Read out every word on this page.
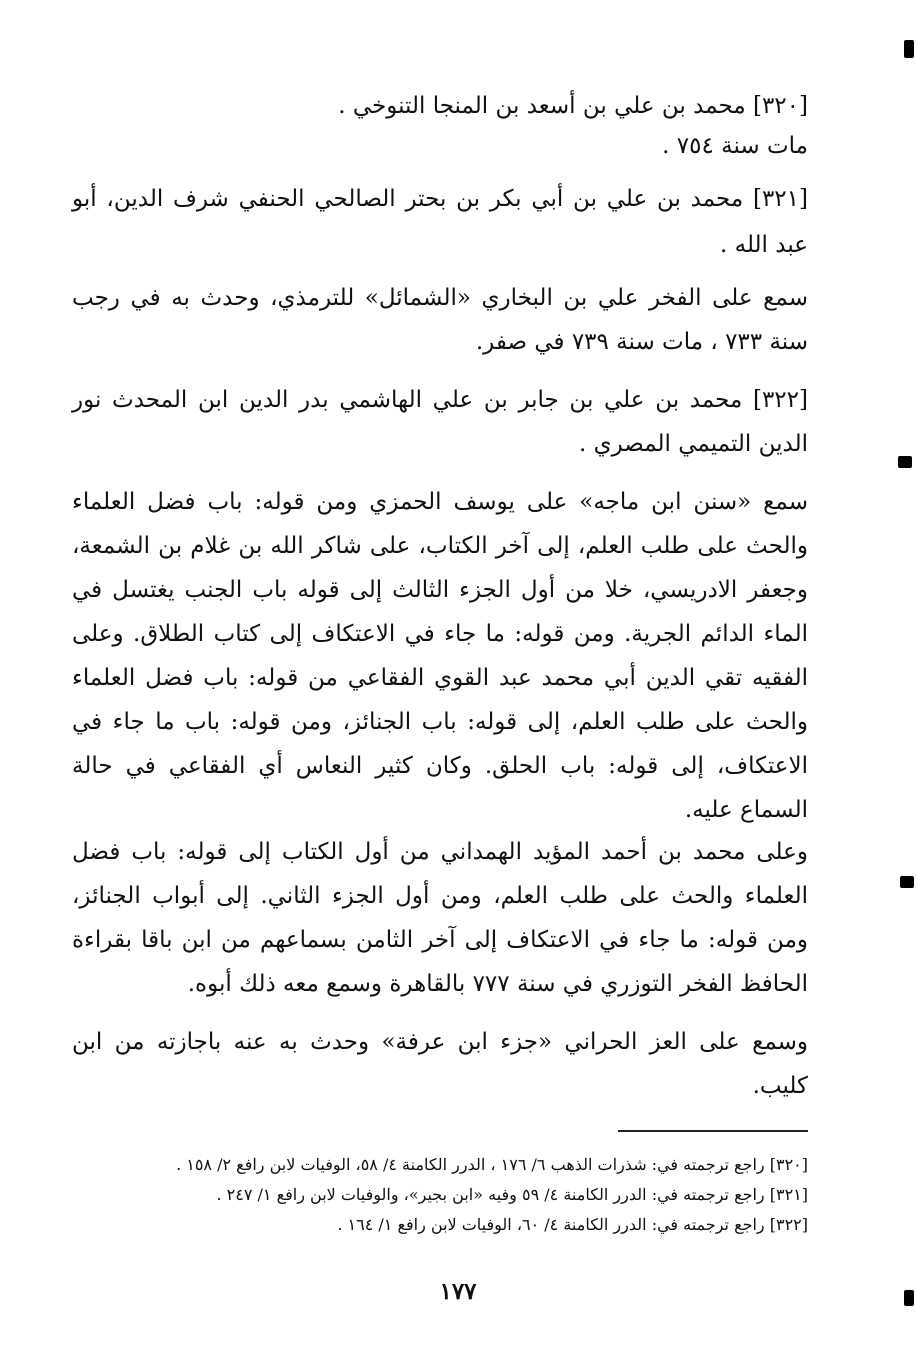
[٣٢٠] محمد بن علي بن أسعد بن المنجا التنوخي .

مات سنة ٧٥٤ .

[٣٢١] محمد بن علي بن أبي بكر بن بحتر الصالحي الحنفي شرف الدين، أبو عبد الله .

سمع على الفخر علي بن البخاري «الشمائل» للترمذي، وحدث به في رجب سنة ٧٣٣ ، مات سنة ٧٣٩ في صفر.

[٣٢٢] محمد بن علي بن جابر بن علي الهاشمي بدر الدين ابن المحدث نور الدين التميمي المصري .

سمع «سنن ابن ماجه» على يوسف الحمزي ومن قوله: باب فضل العلماء والحث على طلب العلم، إلى آخر الكتاب، على شاكر الله بن غلام بن الشمعة، وجعفر الادريسي، خلا من أول الجزء الثالث إلى قوله باب الجنب يغتسل في الماء الدائم الجرية. ومن قوله: ما جاء في الاعتكاف إلى كتاب الطلاق. وعلى الفقيه تقي الدين أبي محمد عبد القوي الفقاعي من قوله: باب فضل العلماء والحث على طلب العلم، إلى قوله: باب الجنائز، ومن قوله: باب ما جاء في الاعتكاف، إلى قوله: باب الحلق. وكان كثير النعاس أي الفقاعي في حالة السماع عليه.

وعلى محمد بن أحمد المؤيد الهمداني من أول الكتاب إلى قوله: باب فضل العلماء والحث على طلب العلم، ومن أول الجزء الثاني. إلى أبواب الجنائز، ومن قوله: ما جاء في الاعتكاف إلى آخر الثامن بسماعهم من ابن باقا بقراءة الحافظ الفخر التوزري في سنة ٧٧٧ بالقاهرة وسمع معه ذلك أبوه.

وسمع على العز الحراني «جزء ابن عرفة» وحدث به عنه باجازته من ابن كليب.

[٣٢٠] راجع ترجمته في: شذرات الذهب ٦/ ١٧٦ ، الدرر الكامنة ٤/ ٥٨، الوفيات لابن رافع ٢/ ١٥٨ .

[٣٢١] راجع ترجمته في: الدرر الكامنة ٤/ ٥٩ وفيه «ابن بجير»، والوفيات لابن رافع ١/ ٢٤٧ .

[٣٢٢] راجع ترجمته في: الدرر الكامنة ٤/ ٦٠، الوفيات لابن رافع ١/ ١٦٤ .

١٧٧
